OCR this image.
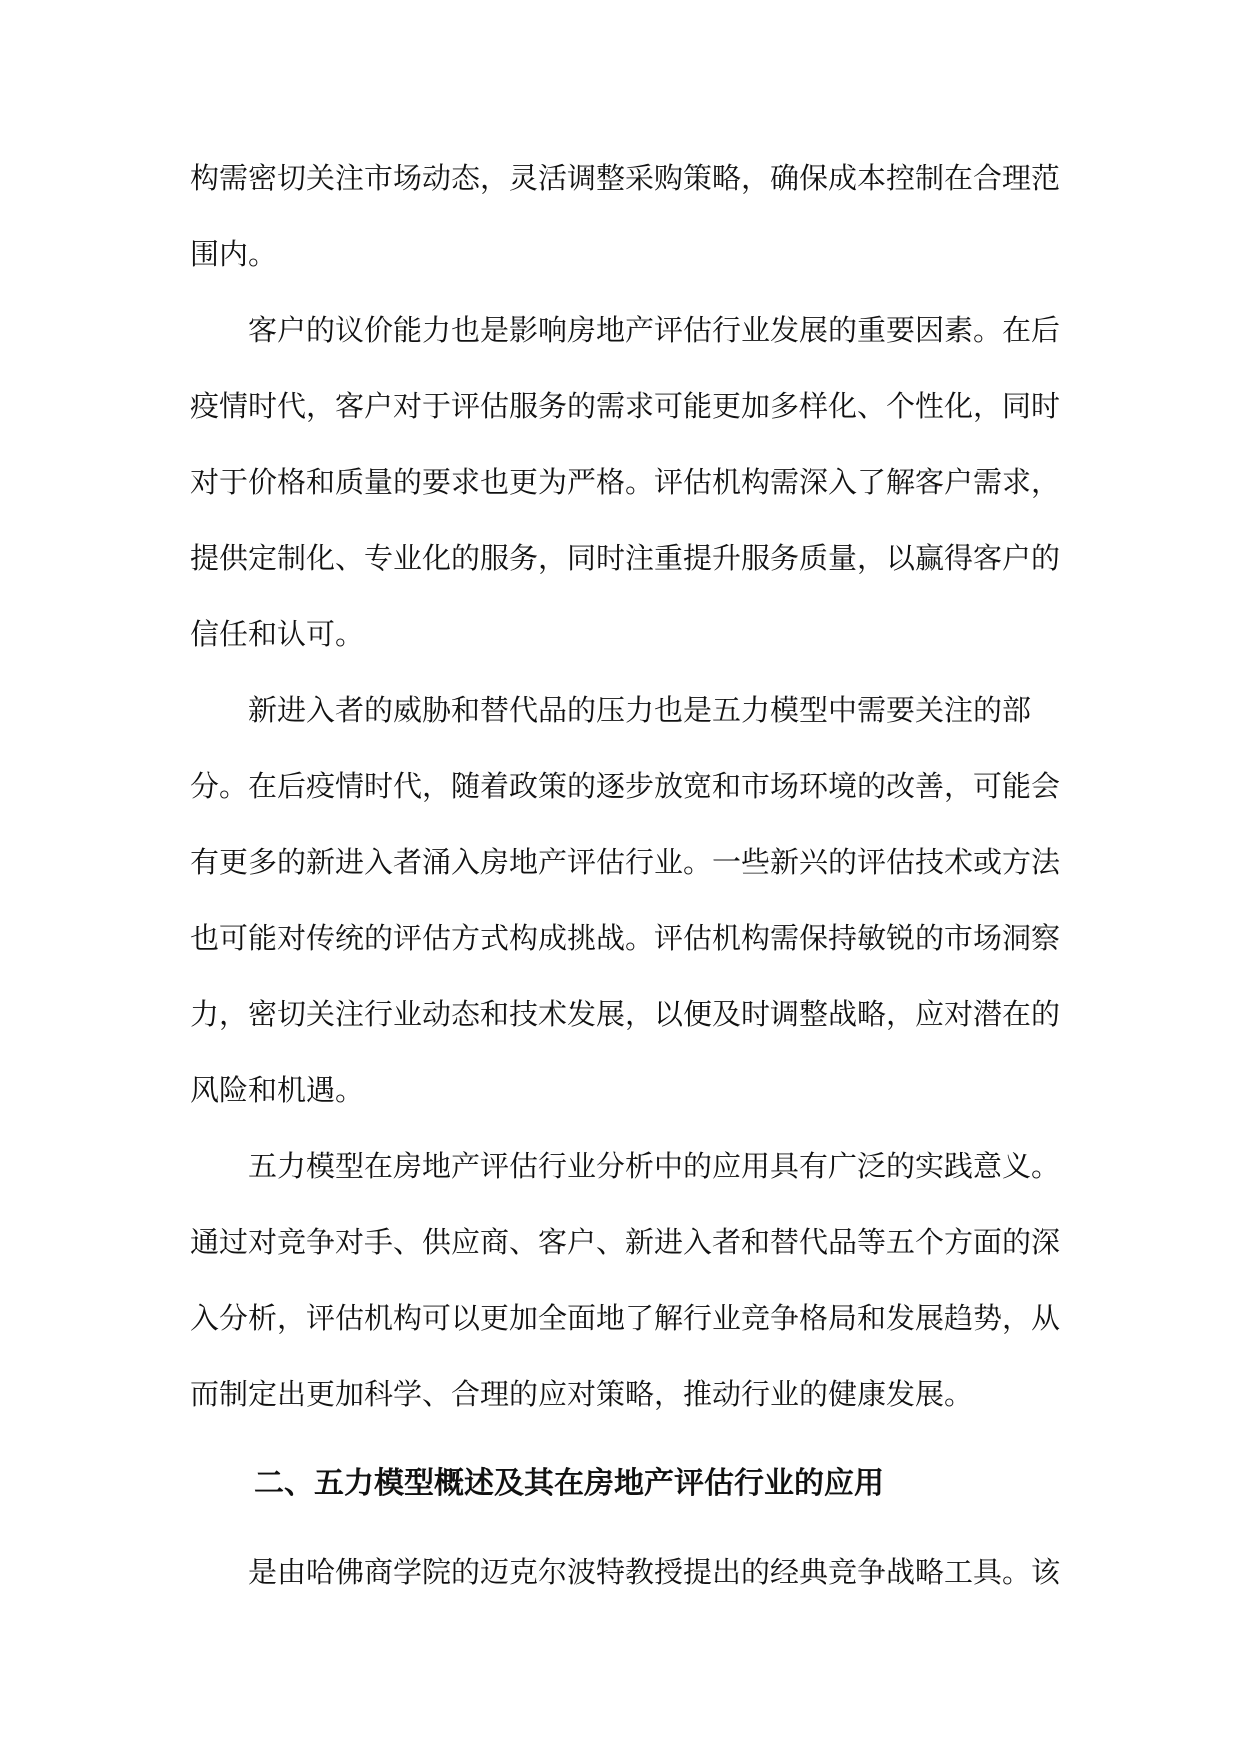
构需密切关注市场动态，灵活调整采购策略，确保成本控制在合理范
围内。

客户的议价能力也是影响房地产评估行业发展的重要因素。在后
疫情时代，客户对于评估服务的需求可能更加多样化、个性化，同时
对于价格和质量的要求也更为严格。评估机构需深入了解客户需求，
提供定制化、专业化的服务，同时注重提升服务质量，以赢得客户的
信任和认可。

新进入者的威胁和替代品的压力也是五力模型中需要关注的部
分。在后疫情时代，随着政策的逐步放宽和市场环境的改善，可能会
有更多的新进入者涌入房地产评估行业。一些新兴的评估技术或方法
也可能对传统的评估方式构成挑战。评估机构需保持敏锐的市场洞察
力，密切关注行业动态和技术发展，以便及时调整战略，应对潜在的
风险和机遇。

五力模型在房地产评估行业分析中的应用具有广泛的实践意义。
通过对竞争对手、供应商、客户、新进入者和替代品等五个方面的深
入分析，评估机构可以更加全面地了解行业竞争格局和发展趋势，从
而制定出更加科学、合理的应对策略，推动行业的健康发展。

二、五力模型概述及其在房地产评估行业的应用

是由哈佛商学院的迈克尔波特教授提出的经典竞争战略工具。该
